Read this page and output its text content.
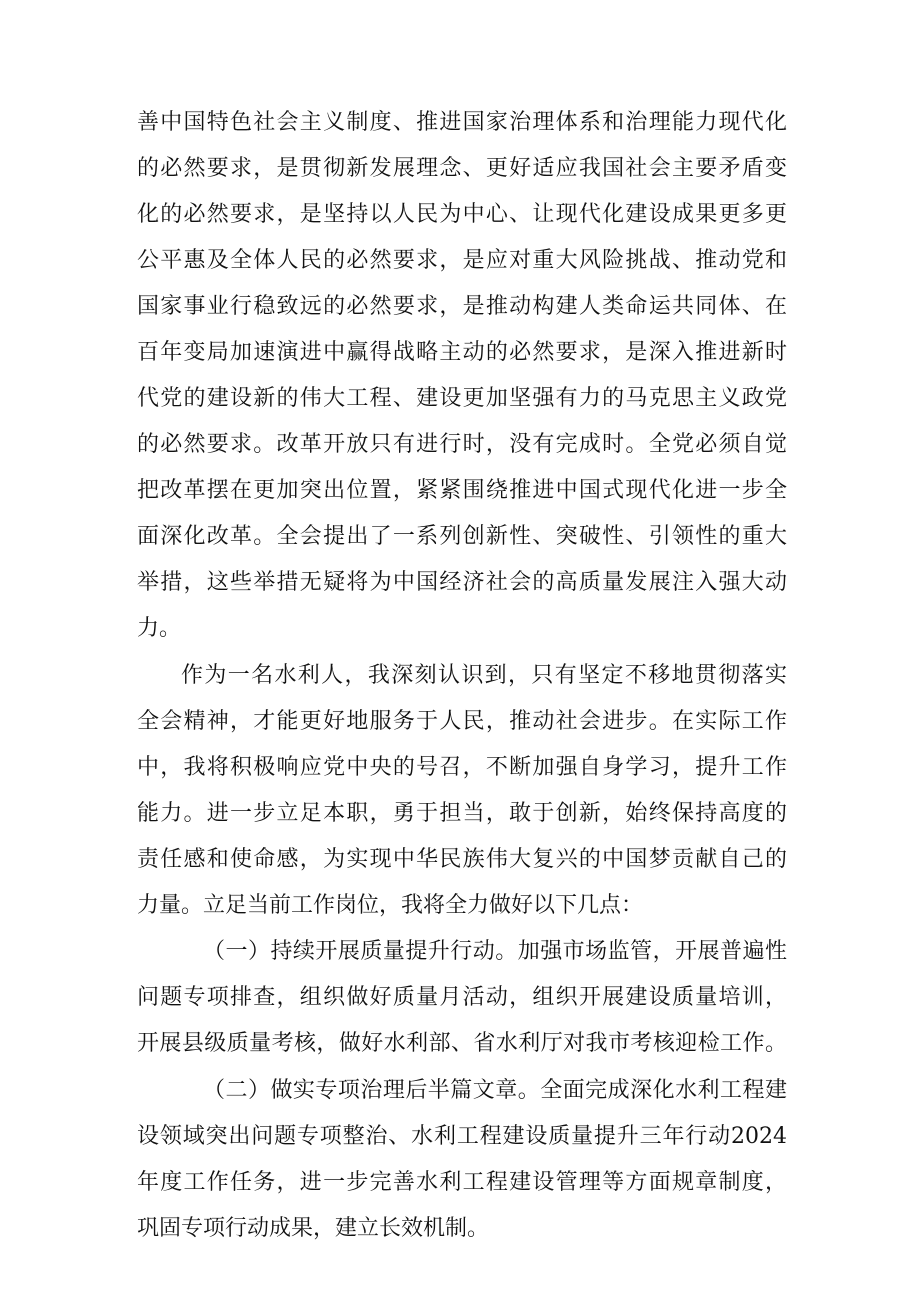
善中国特色社会主义制度、推进国家治理体系和治理能力现代化
的必然要求，是贯彻新发展理念、更好适应我国社会主要矛盾变
化的必然要求，是坚持以人民为中心、让现代化建设成果更多更
公平惠及全体人民的必然要求，是应对重大风险挑战、推动党和
国家事业行稳致远的必然要求，是推动构建人类命运共同体、在
百年变局加速演进中赢得战略主动的必然要求，是深入推进新时
代党的建设新的伟大工程、建设更加坚强有力的马克思主义政党
的必然要求。改革开放只有进行时，没有完成时。全党必须自觉
把改革摆在更加突出位置，紧紧围绕推进中国式现代化进一步全
面深化改革。全会提出了一系列创新性、突破性、引领性的重大
举措，这些举措无疑将为中国经济社会的高质量发展注入强大动
力。
作为一名水利人，我深刻认识到，只有坚定不移地贯彻落实
全会精神，才能更好地服务于人民，推动社会进步。在实际工作
中，我将积极响应党中央的号召，不断加强自身学习，提升工作
能力。进一步立足本职，勇于担当，敢于创新，始终保持高度的
责任感和使命感，为实现中华民族伟大复兴的中国梦贡献自己的
力量。立足当前工作岗位，我将全力做好以下几点：
（一）持续开展质量提升行动。加强市场监管，开展普遍性
问题专项排查，组织做好质量月活动，组织开展建设质量培训，
开展县级质量考核，做好水利部、省水利厅对我市考核迎检工作。
（二）做实专项治理后半篇文章。全面完成深化水利工程建
设领域突出问题专项整治、水利工程建设质量提升三年行动2024
年度工作任务，进一步完善水利工程建设管理等方面规章制度，
巩固专项行动成果，建立长效机制。
